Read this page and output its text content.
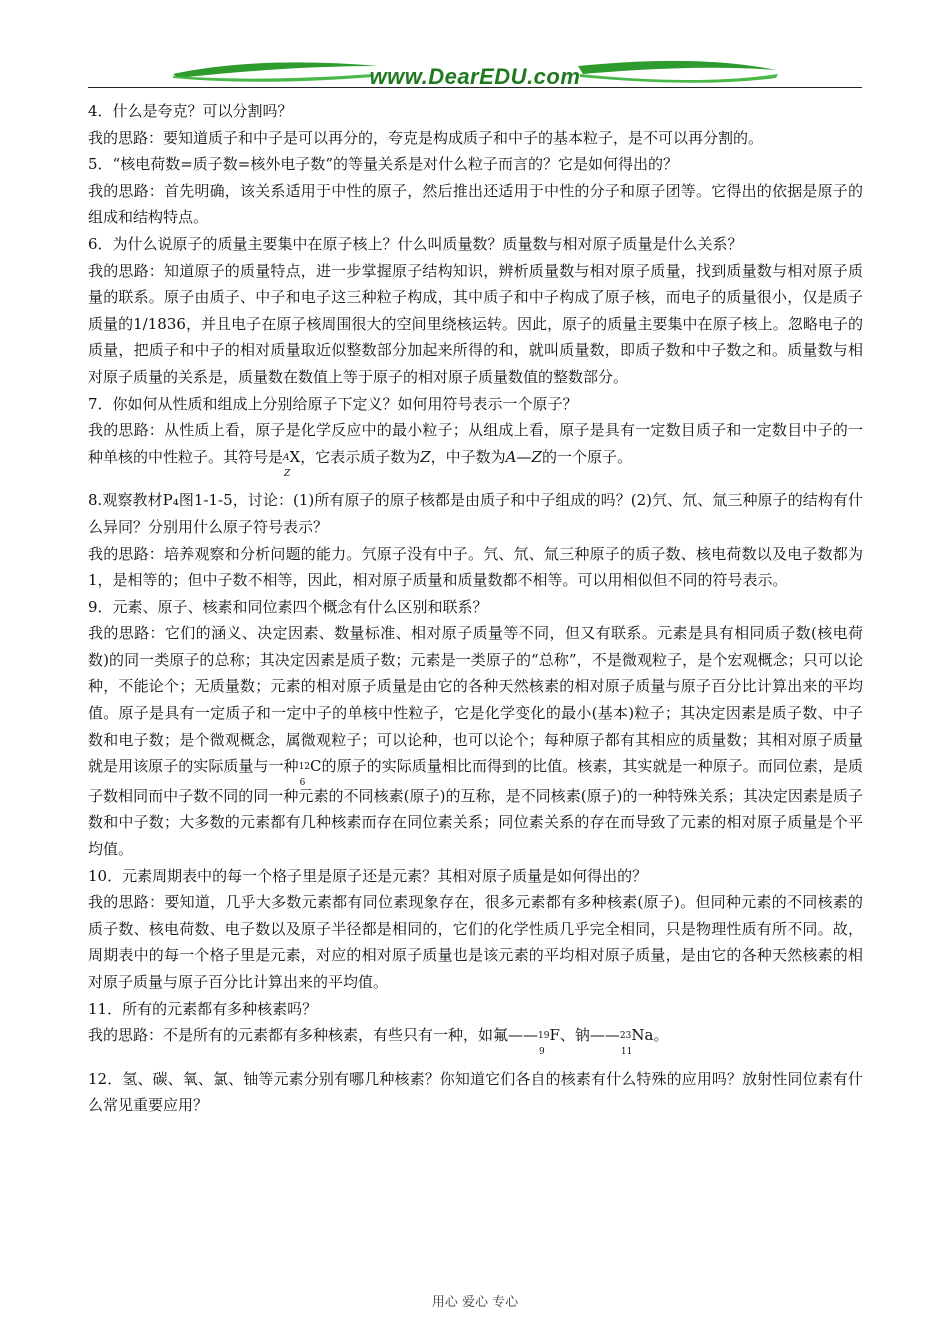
www.DearEDU.com

4．什么是夸克？可以分割吗？

我的思路：要知道质子和中子是可以再分的，夸克是构成质子和中子的基本粒子，是不可以再分割的。

5．“核电荷数=质子数=核外电子数”的等量关系是对什么粒子而言的？它是如何得出的？

我的思路：首先明确，该关系适用于中性的原子，然后推出还适用于中性的分子和原子团等。它得出的依据是原子的组成和结构特点。

6．为什么说原子的质量主要集中在原子核上？什么叫质量数？质量数与相对原子质量是什么关系？

我的思路：知道原子的质量特点，进一步掌握原子结构知识，辨析质量数与相对原子质量，找到质量数与相对原子质量的联系。原子由质子、中子和电子这三种粒子构成，其中质子和中子构成了原子核，而电子的质量很小，仅是质子质量的1/1836，并且电子在原子核周围很大的空间里绕核运转。因此，原子的质量主要集中在原子核上。忽略电子的质量，把质子和中子的相对质量取近似整数部分加起来所得的和，就叫质量数，即质子数和中子数之和。质量数与相对原子质量的关系是，质量数在数值上等于原子的相对原子质量数值的整数部分。

7．你如何从性质和组成上分别给原子下定义？如何用符号表示一个原子？

我的思路：从性质上看，原子是化学反应中的最小粒子；从组成上看，原子是具有一定数目质子和一定数目中子的一种单核的中性粒子。其符号是AX
Z
，它表示质子数为Z，中子数为A—Z的一个原子。

8.观察教材P₄图1-1-5，讨论：(1)所有原子的原子核都是由质子和中子组成的吗？(2)氕、氘、氚三种原子的结构有什么异同？分别用什么原子符号表示？

我的思路：培养观察和分析问题的能力。氕原子没有中子。氕、氘、氚三种原子的质子数、核电荷数以及电子数都为1，是相等的；但中子数不相等，因此，相对原子质量和质量数都不相等。可以用相似但不同的符号表示。

9．元素、原子、核素和同位素四个概念有什么区别和联系？

我的思路：它们的涵义、决定因素、数量标准、相对原子质量等不同，但又有联系。元素是具有相同质子数(核电荷数)的同一类原子的总称；其决定因素是质子数；元素是一类原子的“总称”，不是微观粒子，是个宏观概念；只可以论种，不能论个；无质量数；元素的相对原子质量是由它的各种天然核素的相对原子质量与原子百分比计算出来的平均值。原子是具有一定质子和一定中子的单核中性粒子，它是化学变化的最小(基本)粒子；其决定因素是质子数、中子数和电子数；是个微观概念，属微观粒子；可以论种，也可以论个；每种原子都有其相应的质量数；其相对原子质量就是用该原子的实际质量与一种12C
6
的原子的实际质量相比而得到的比值。核素，其实就是一种原子。而同位素，是质子数相同而中子数不同的同一种元素的不同核素(原子)的互称，是不同核素(原子)的一种特殊关系；其决定因素是质子数和中子数；大多数的元素都有几种核素而存在同位素关系；同位素关系的存在而导致了元素的相对原子质量是个平均值。

10．元素周期表中的每一个格子里是原子还是元素？其相对原子质量是如何得出的？

我的思路：要知道，几乎大多数元素都有同位素现象存在，很多元素都有多种核素(原子)。但同种元素的不同核素的质子数、核电荷数、电子数以及原子半径都是相同的，它们的化学性质几乎完全相同，只是物理性质有所不同。故，周期表中的每一个格子里是元素，对应的相对原子质量也是该元素的平均相对原子质量，是由它的各种天然核素的相对原子质量与原子百分比计算出来的平均值。

11．所有的元素都有多种核素吗？

我的思路：不是所有的元素都有多种核素，有些只有一种，如氟——19F
9
、钠——23Na
11
。

12．氢、碳、氧、氯、铀等元素分别有哪几种核素？你知道它们各自的核素有什么特殊的应用吗？放射性同位素有什么常见重要应用？

用心 爱心 专心
